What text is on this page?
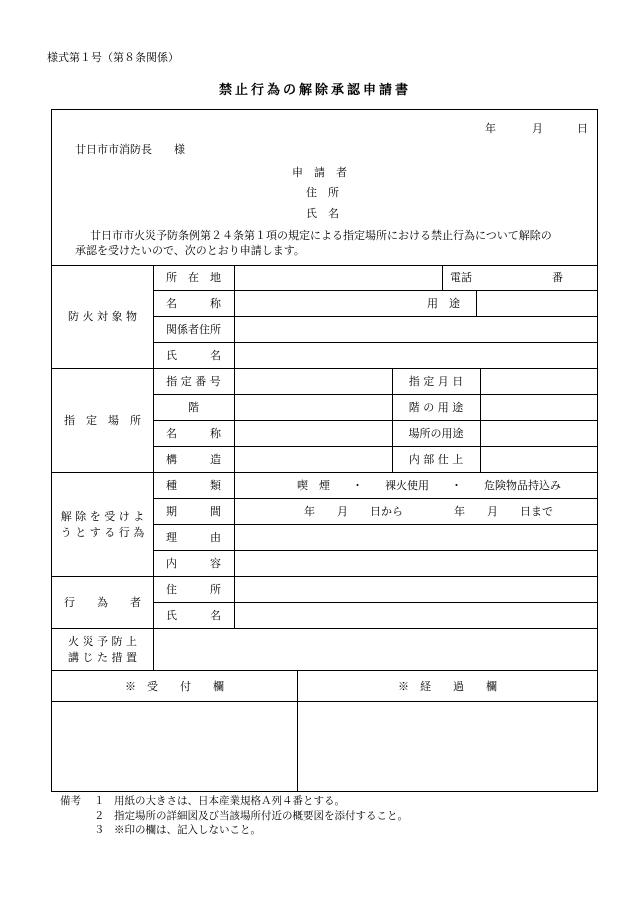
様式第１号（第８条関係）
禁止行為の解除承認申請書
年	月	日
廿日市市消防長　　様
申　請　者
住　所
氏　名
廿日市市火災予防条例第２４条第１項の規定による指定場所における禁止行為について解除の
承認を受けたいので、次のとおり申請します。
防 火 対 象 物
所　在　地	電話	番
名　　　称	用　途
関係者住所
氏　　　名
指　定　場　所
指 定 番 号	指 定 月 日
階	階 の 用 途
名　　　称	場所の用途
構　　　造	内 部 仕 上
解 除 を 受 け よ
う と す る 行 為
種　　　類	喫　煙　　・　　裸火使用　　・　　危険物品持込み
期　　　間	年　　月　　日から	年　　月　　日まで
理　　　由
内　　　容
行　　為　　者
住　　　所
氏　　　名
火 災 予 防 上
講 じ た 措 置
※　受　　付　　欄	※　経　　過　　欄
備考 １ 用紙の大きさは、日本産業規格Ａ列４番とする。
２ 指定場所の詳細図及び当該場所付近の概要図を添付すること。
３ ※印の欄は、記入しないこと。
